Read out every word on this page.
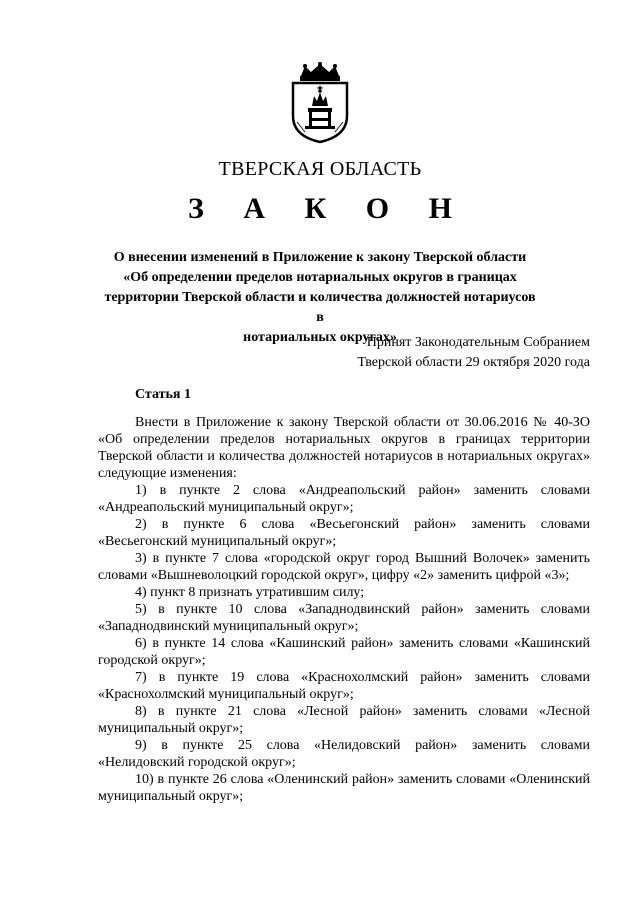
ТВЕРСКАЯ ОБЛАСТЬ
З А К О Н
О внесении изменений в Приложение к закону Тверской области
«Об определении пределов нотариальных округов в границах
территории Тверской области и количества должностей нотариусов в
нотариальных округах»
Принят Законодательным Собранием
Тверской области 29 октября 2020 года
Статья 1

Внести в Приложение к закону Тверской области от 30.06.2016 № 40-ЗО «Об определении пределов нотариальных округов в границах территории Тверской области и количества должностей нотариусов в нотариальных округах» следующие изменения:

1) в пункте 2 слова «Андреапольский район» заменить словами «Андреапольский муниципальный округ»;

2) в пункте 6 слова «Весьегонский район» заменить словами «Весьегонский муниципальный округ»;

3) в пункте 7 слова «городской округ город Вышний Волочек» заменить словами «Вышневолоцкий городской округ», цифру «2» заменить цифрой «3»;

4) пункт 8 признать утратившим силу;

5) в пункте 10 слова «Западнодвинский район» заменить словами «Западнодвинский муниципальный округ»;

6) в пункте 14 слова «Кашинский район» заменить словами «Кашинский городской округ»;

7) в пункте 19 слова «Краснохолмский район» заменить словами «Краснохолмский муниципальный округ»;

8) в пункте 21 слова «Лесной район» заменить словами «Лесной муниципальный округ»;

9) в пункте 25 слова «Нелидовский район» заменить словами «Нелидовский городской округ»;

10) в пункте 26 слова «Оленинский район» заменить словами «Оленинский муниципальный округ»;
